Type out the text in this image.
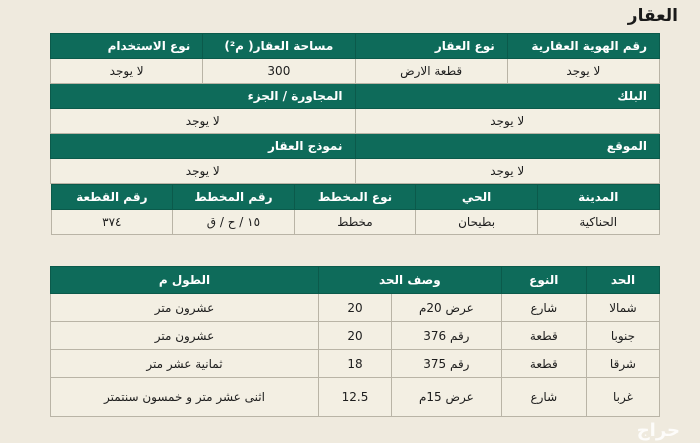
العقار
رقم الهوية العقارية	نوع العقار	مساحة العقار( م²)	نوع الاستخدام
لا يوجد	قطعة الارض	300	لا يوجد
البلك	المجاورة / الجزء
لا يوجد	لا يوجد
الموقع	نموذج العقار
لا يوجد	لا يوجد

المدينة	الحي	نوع المخطط	رقم المخطط	رقم القطعة
الحناكية	بطيحان	مخطط	١٥ / ح / ق	٣٧٤
الحد	النوع	وصف الحد		الطول م
شمالا	شارع	عرض 20م	20	عشرون متر
جنوبا	قطعة	رقم 376	20	عشرون متر
شرقا	قطعة	رقم 375	18	ثمانية عشر متر
غربا	شارع	عرض 15م	12.5	اثنى عشر متر و خمسون سنتمتر
حراج
